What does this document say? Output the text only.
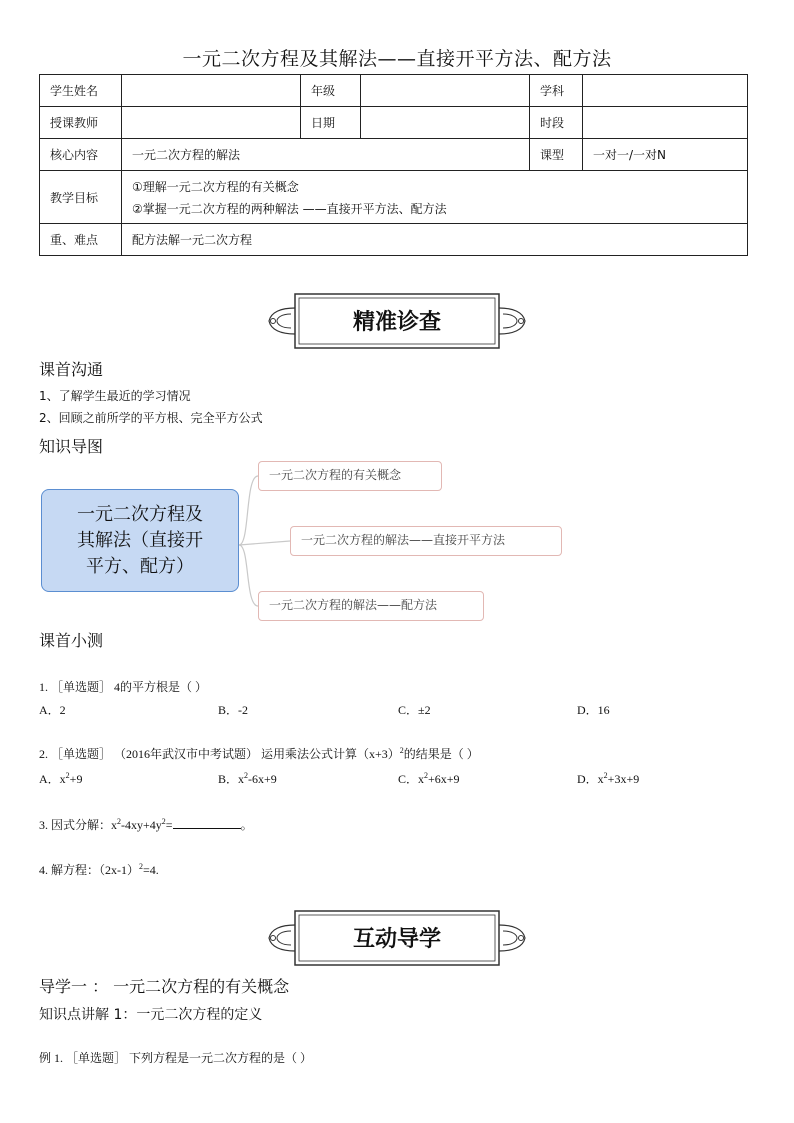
一元二次方程及其解法——直接开平方法、配方法
学生姓名		年级		学科	
授课教师		日期		时段	
核心内容	一元二次方程的解法			课型	一对一/一对N
教学目标	①理解一元二次方程的有关概念
②掌握一元二次方程的两种解法 ——直接开平方法、配方法				

重、难点	配方法解一元二次方程				
精准诊查
课首沟通
1、了解学生最近的学习情况
2、回顾之前所学的平方根、完全平方公式
知识导图
一元二次方程及
其解法（直接开
平方、配方）
一元二次方程的有关概念
一元二次方程的解法——直接开平方法
一元二次方程的解法——配方法
课首小测
1. ［单选题］ 4的平方根是（ ）
A．2	B．-2	C．±2	D．16
2. ［单选题］ （2016年武汉市中考试题） 运用乘法公式计算$(x+3)^2$的结果是（ ）
A．$x^2+9$	B．$x^2-6x+9$	C．$x^2+6x+9$	D．$x^2+3x+9$
3. 因式分解：$x^2-4xy+4y^2=$	。
4. 解方程：$(2x-1)^2=4$.
互动导学
导学一 ： 一元二次方程的有关概念
知识点讲解 1：一元二次方程的定义
例 1. ［单选题］ 下列方程是一元二次方程的是（ ）
